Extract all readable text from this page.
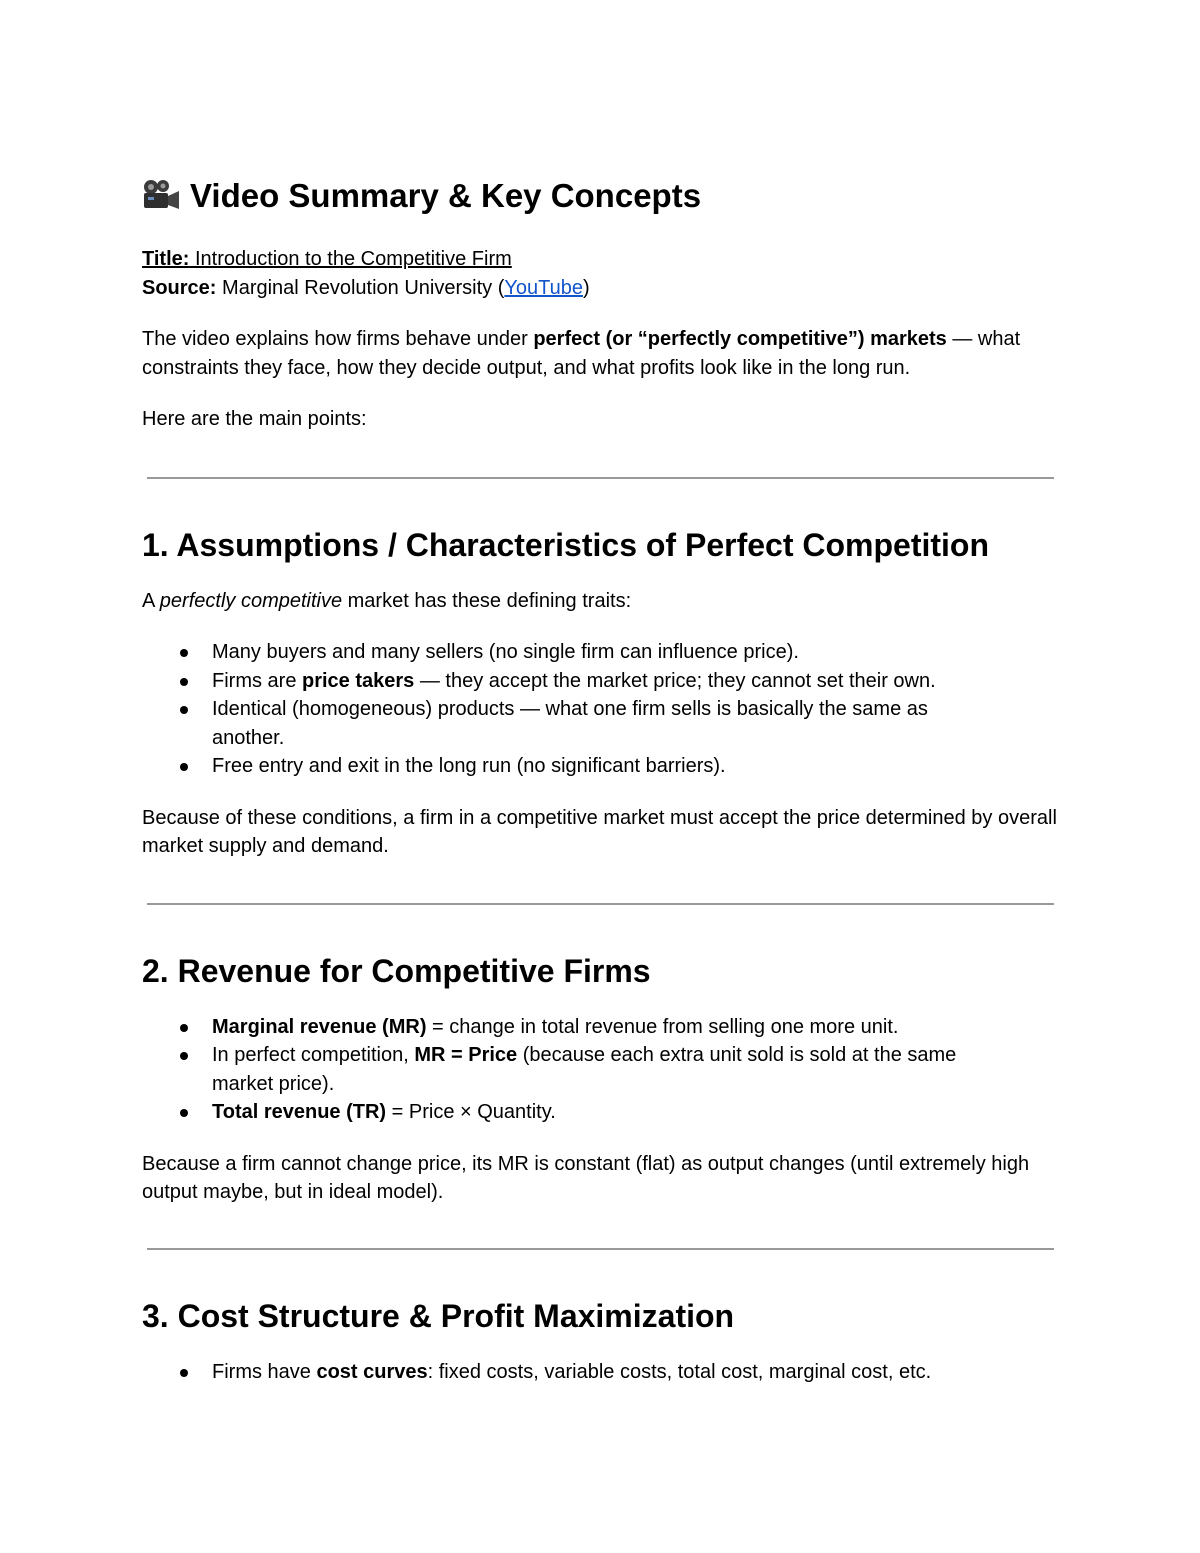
Video Summary & Key Concepts
Title: Introduction to the Competitive Firm
Source: Marginal Revolution University (YouTube)

The video explains how firms behave under perfect (or “perfectly competitive”) markets — what constraints they face, how they decide output, and what profits look like in the long run.

Here are the main points:

1. Assumptions / Characteristics of Perfect Competition

A perfectly competitive market has these defining traits:

Many buyers and many sellers (no single firm can influence price).
Firms are price takers — they accept the market price; they cannot set their own.
Identical (homogeneous) products — what one firm sells is basically the same as another.
Free entry and exit in the long run (no significant barriers).

Because of these conditions, a firm in a competitive market must accept the price determined by overall market supply and demand.

2. Revenue for Competitive Firms
Marginal revenue (MR) = change in total revenue from selling one more unit.
In perfect competition, MR = Price (because each extra unit sold is sold at the same market price).
Total revenue (TR) = Price × Quantity.

Because a firm cannot change price, its MR is constant (flat) as output changes (until extremely high output maybe, but in ideal model).

3. Cost Structure & Profit Maximization
Firms have cost curves: fixed costs, variable costs, total cost, marginal cost, etc.
